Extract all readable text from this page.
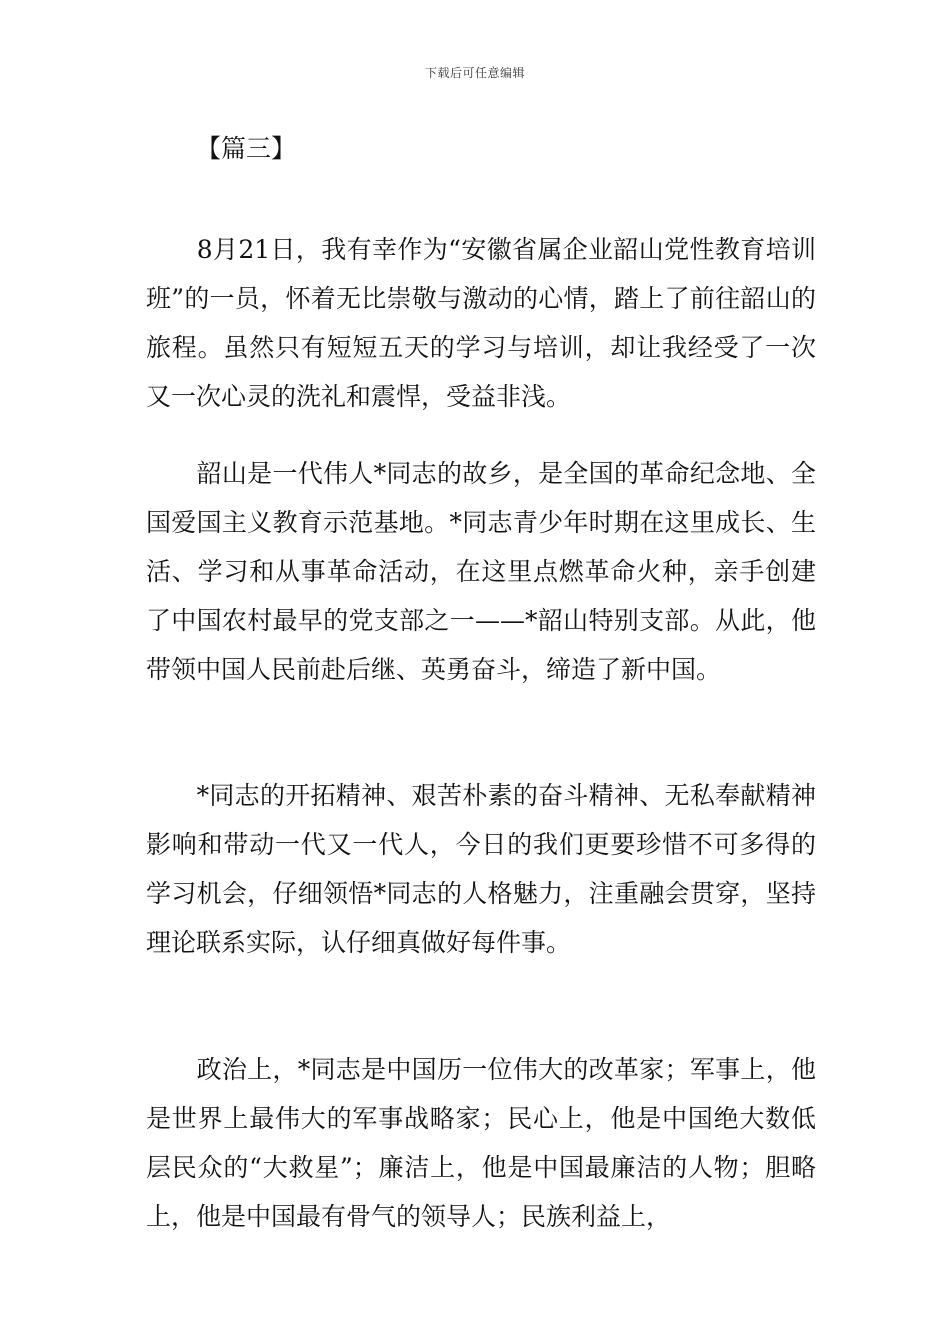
下载后可任意编辑
【篇三】

　　8月21日，我有幸作为“安徽省属企业韶山党性教育培训班”的一员，怀着无比崇敬与激动的心情，踏上了前往韶山的旅程。虽然只有短短五天的学习与培训，却让我经受了一次又一次心灵的洗礼和震悍，受益非浅。

　　韶山是一代伟人*同志的故乡，是全国的革命纪念地、全国爱国主义教育示范基地。*同志青少年时期在这里成长、生活、学习和从事革命活动，在这里点燃革命火种，亲手创建了中国农村最早的党支部之一——*韶山特别支部。从此，他带领中国人民前赴后继、英勇奋斗，缔造了新中国。

　　*同志的开拓精神、艰苦朴素的奋斗精神、无私奉献精神影响和带动一代又一代人，今日的我们更要珍惜不可多得的学习机会，仔细领悟*同志的人格魅力，注重融会贯穿，坚持理论联系实际，认仔细真做好每件事。

　　政治上，*同志是中国历一位伟大的改革家；军事上，他是世界上最伟大的军事战略家；民心上，他是中国绝大数低层民众的“大救星”；廉洁上，他是中国最廉洁的人物；胆略上，他是中国最有骨气的领导人；民族利益上，
